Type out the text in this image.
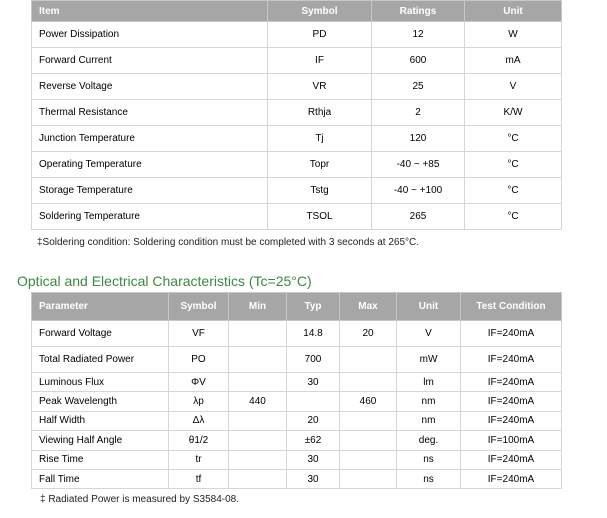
Item	Symbol	Ratings	Unit
Power Dissipation	PD	12	W
Forward Current	IF	600	mA
Reverse Voltage	VR	25	V
Thermal Resistance	Rthja	2	K/W
Junction Temperature	Tj	120	°C
Operating Temperature	Topr	-40 ~ +85	°C
Storage Temperature	Tstg	-40 ~ +100	°C
Soldering Temperature	TSOL	265	°C
‡Soldering condition: Soldering condition must be completed with 3 seconds at 265°C.
Optical and Electrical Characteristics (Tc=25°C)
Parameter	Symbol	Min	Typ	Max	Unit	Test Condition
Forward Voltage	VF		14.8	20	V	IF=240mA
Total Radiated Power	PO		700		mW	IF=240mA
Luminous Flux	ΦV		30		lm	IF=240mA
Peak Wavelength	λp	440		460	nm	IF=240mA
Half Width	Δλ		20		nm	IF=240mA
Viewing Half Angle	θ1/2		±62		deg.	IF=100mA
Rise Time	tr		30		ns	IF=240mA
Fall Time	tf		30		ns	IF=240mA
‡ Radiated Power is measured by S3584-08.
